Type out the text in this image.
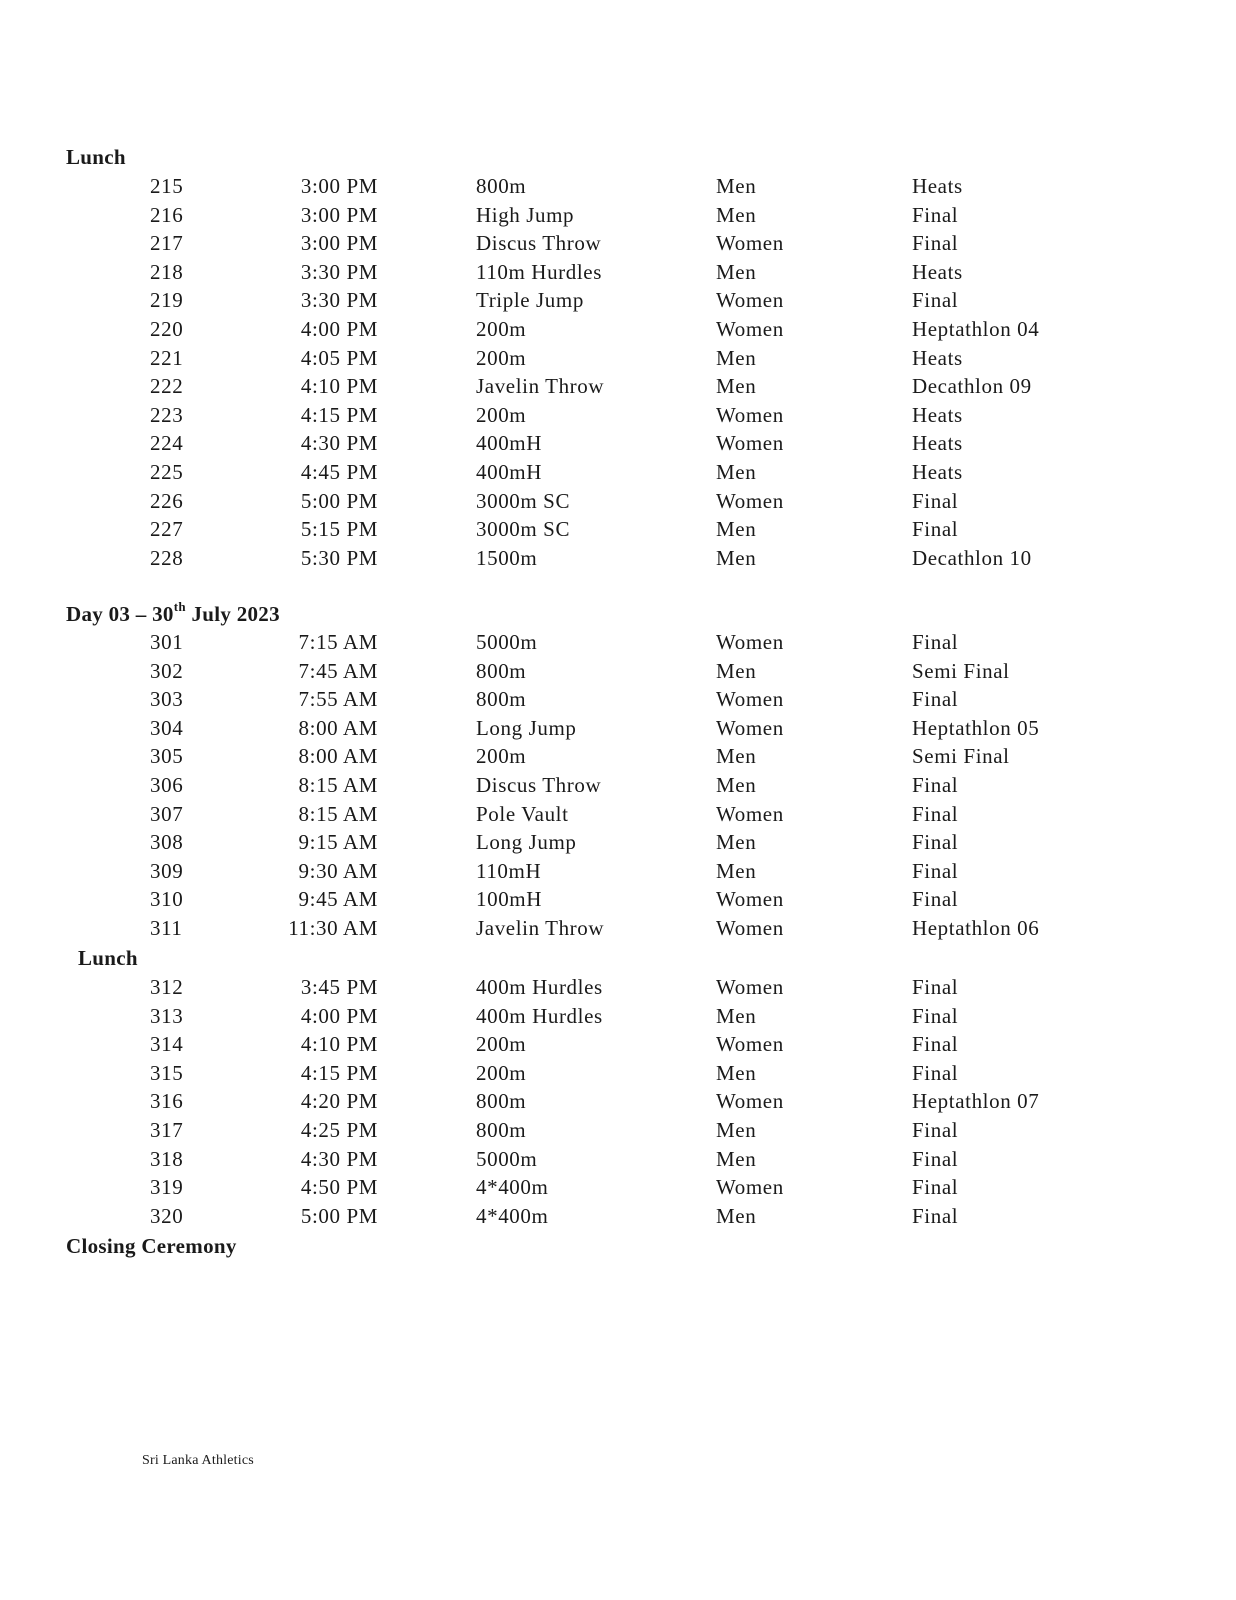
Lunch
Day 03 – 30th July 2023
Lunch
215	3:00 PM	800m	Men	Heats
216	3:00 PM	High Jump	Men	Final
217	3:00 PM	Discus Throw	Women	Final
218	3:30 PM	110m Hurdles	Men	Heats
219	3:30 PM	Triple Jump	Women	Final
220	4:00 PM	200m	Women	Heptathlon 04
221	4:05 PM	200m	Men	Heats
222	4:10 PM	Javelin Throw	Men	Decathlon 09
223	4:15 PM	200m	Women	Heats
224	4:30 PM	400mH	Women	Heats
225	4:45 PM	400mH	Men	Heats
226	5:00 PM	3000m SC	Women	Final
227	5:15 PM	3000m SC	Men	Final
228	5:30 PM	1500m	Men	Decathlon 10
301	7:15 AM	5000m	Women	Final
302	7:45 AM	800m	Men	Semi Final
303	7:55 AM	800m	Women	Final
304	8:00 AM	Long Jump	Women	Heptathlon 05
305	8:00 AM	200m	Men	Semi Final
306	8:15 AM	Discus Throw	Men	Final
307	8:15 AM	Pole Vault	Women	Final
308	9:15 AM	Long Jump	Men	Final
309	9:30 AM	110mH	Men	Final
310	9:45 AM	100mH	Women	Final
311	11:30 AM	Javelin Throw	Women	Heptathlon 06
312	3:45 PM	400m Hurdles	Women	Final
313	4:00 PM	400m Hurdles	Men	Final
314	4:10 PM	200m	Women	Final
315	4:15 PM	200m	Men	Final
316	4:20 PM	800m	Women	Heptathlon 07
317	4:25 PM	800m	Men	Final
318	4:30 PM	5000m	Men	Final
319	4:50 PM	4*400m	Women	Final
320	5:00 PM	4*400m	Men	Final
Closing Ceremony
Sri Lanka Athletics
